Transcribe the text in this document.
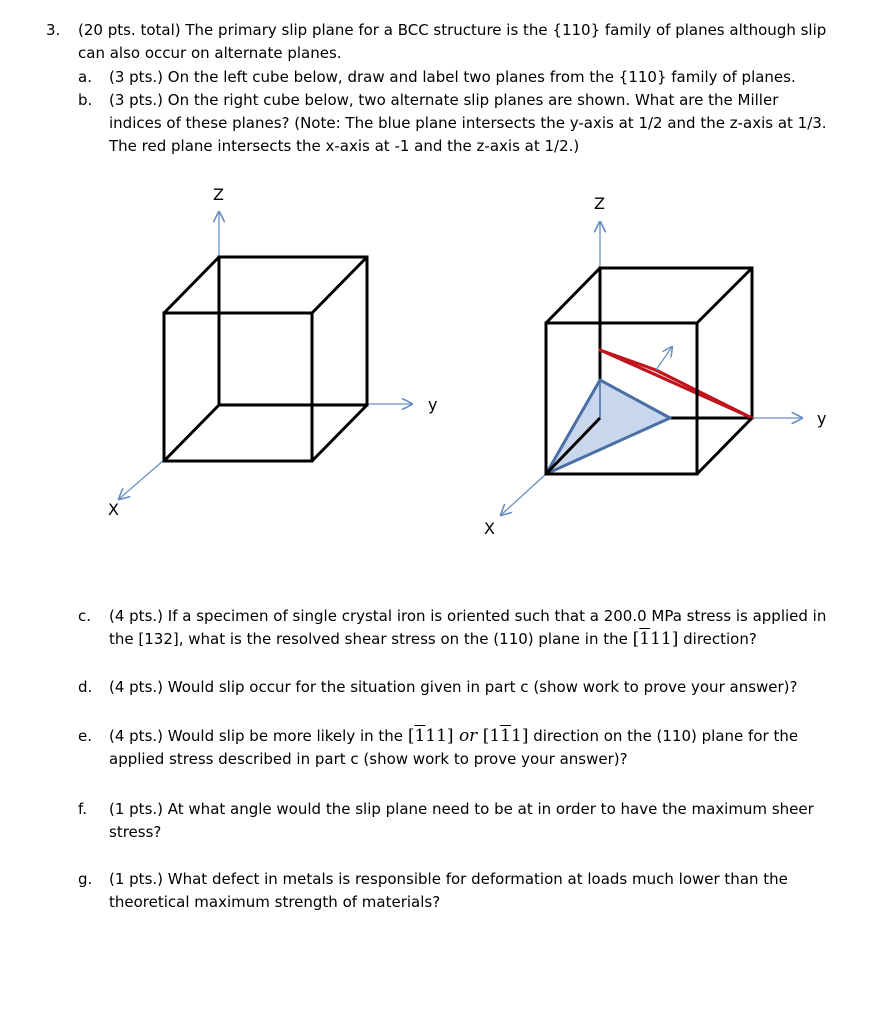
3. (20 pts. total) The primary slip plane for a BCC structure is the {110} family of planes although slip
can also occur on alternate planes.
a. (3 pts.) On the left cube below, draw and label two planes from the {110} family of planes.
b. (3 pts.) On the right cube below, two alternate slip planes are shown. What are the Miller
indices of these planes? (Note: The blue plane intersects the y-axis at 1/2 and the z-axis at 1/3.
The red plane intersects the x-axis at -1 and the z-axis at 1/2.)
Z
y
X
Z
y
X
c. (4 pts.) If a specimen of single crystal iron is oriented such that a 200.0 MPa stress is applied in
the [132], what is the resolved shear stress on the (110) plane in the [111] direction?
d. (4 pts.) Would slip occur for the situation given in part c (show work to prove your answer)?
e. (4 pts.) Would slip be more likely in the [111] or [111] direction on the (110) plane for the
applied stress described in part c (show work to prove your answer)?
f. (1 pts.) At what angle would the slip plane need to be at in order to have the maximum sheer
stress?
g. (1 pts.) What defect in metals is responsible for deformation at loads much lower than the
theoretical maximum strength of materials?
